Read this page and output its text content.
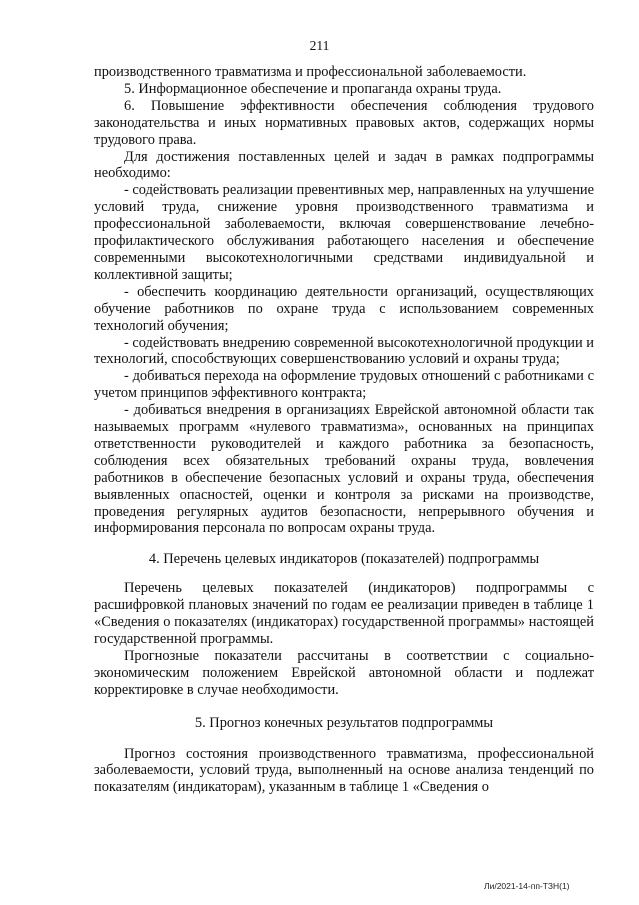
211

производственного травматизма и профессиональной заболеваемости.

5. Информационное обеспечение и пропаганда охраны труда.

6. Повышение эффективности обеспечения соблюдения трудового законодательства и иных нормативных правовых актов, содержащих нормы трудового права.

Для достижения поставленных целей и задач в рамках подпрограммы необходимо:

- содействовать реализации превентивных мер, направленных на улучшение условий труда, снижение уровня производственного травматизма и профессиональной заболеваемости, включая совершенствование лечебно-профилактического обслуживания работающего населения и обеспечение современными высокотехнологичными средствами индивидуальной и коллективной защиты;

- обеспечить координацию деятельности организаций, осуществляющих обучение работников по охране труда с использованием современных технологий обучения;

- содействовать внедрению современной высокотехнологичной продукции и технологий, способствующих совершенствованию условий и охраны труда;

- добиваться перехода на оформление трудовых отношений с работниками с учетом принципов эффективного контракта;

- добиваться внедрения в организациях Еврейской автономной области так называемых программ «нулевого травматизма», основанных на принципах ответственности руководителей и каждого работника за безопасность, соблюдения всех обязательных требований охраны труда, вовлечения работников в обеспечение безопасных условий и охраны труда, обеспечения выявленных опасностей, оценки и контроля за рисками на производстве, проведения регулярных аудитов безопасности, непрерывного обучения и информирования персонала по вопросам охраны труда.

4. Перечень целевых индикаторов (показателей) подпрограммы

Перечень целевых показателей (индикаторов) подпрограммы с расшифровкой плановых значений по годам ее реализации приведен в таблице 1 «Сведения о показателях (индикаторах) государственной программы» настоящей государственной программы.

Прогнозные показатели рассчитаны в соответствии с социально-экономическим положением Еврейской автономной области и подлежат корректировке в случае необходимости.

5. Прогноз конечных результатов подпрограммы

Прогноз состояния производственного травматизма, профессиональной заболеваемости, условий труда, выполненный на основе анализа тенденций по показателям (индикаторам), указанным в таблице 1 «Сведения о

Ли/2021-14-пп-ТЗН(1)
